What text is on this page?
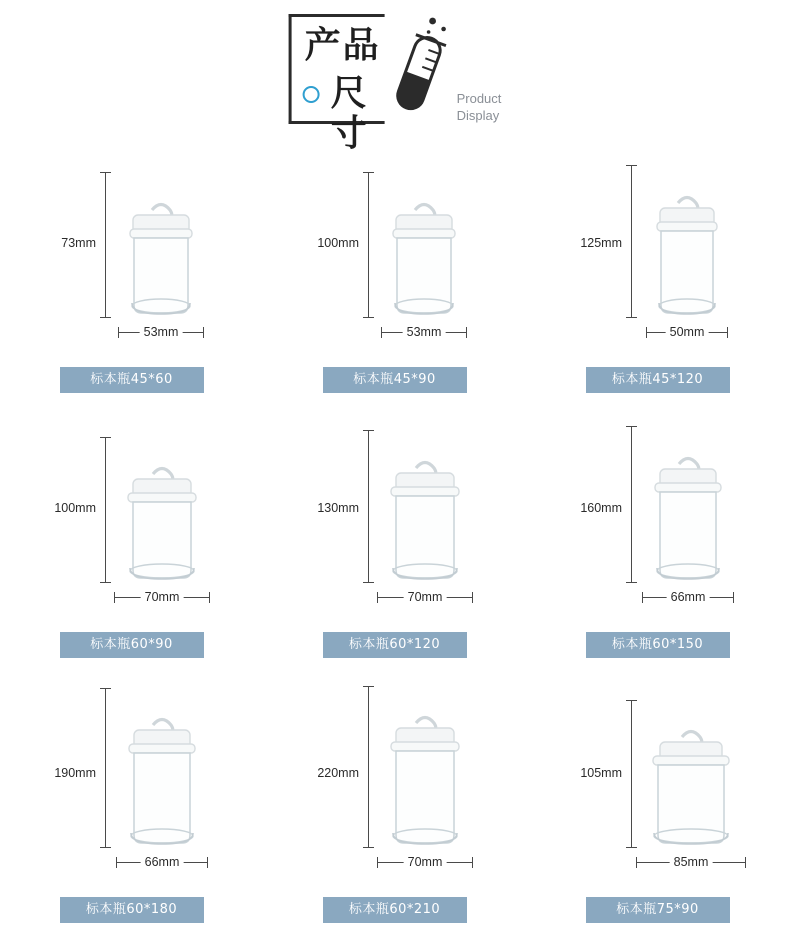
产品
尺寸
Product
Display
73mm
53mm
标本瓶45*60
100mm
53mm
标本瓶45*90
125mm
50mm
标本瓶45*120
100mm
70mm
标本瓶60*90
130mm
70mm
标本瓶60*120
160mm
66mm
标本瓶60*150
190mm
66mm
标本瓶60*180
220mm
70mm
标本瓶60*210
105mm
85mm
标本瓶75*90
